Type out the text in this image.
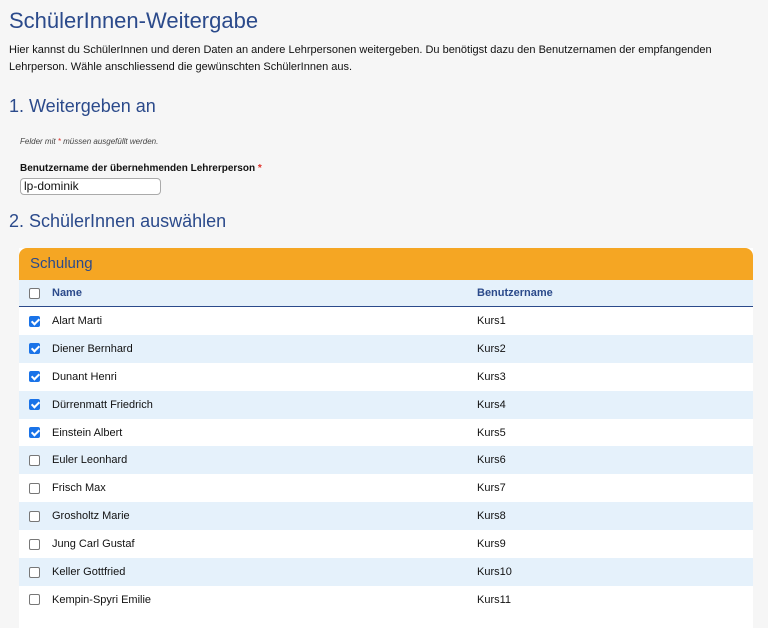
SchülerInnen-Weitergabe
Hier kannst du SchülerInnen und deren Daten an andere Lehrpersonen weitergeben. Du benötigst dazu den Benutzernamen der empfangenden Lehrperson. Wähle anschliessend die gewünschten SchülerInnen aus.
1. Weitergeben an
Felder mit * müssen ausgefüllt werden.
Benutzername der übernehmenden Lehrerperson *
lp-dominik
2. SchülerInnen auswählen
Schulung
	Name	Benutzername
	Alart Marti	Kurs1
	Diener Bernhard	Kurs2
	Dunant Henri	Kurs3
	Dürrenmatt Friedrich	Kurs4
	Einstein Albert	Kurs5
	Euler Leonhard	Kurs6
	Frisch Max	Kurs7
	Grosholtz Marie	Kurs8
	Jung Carl Gustaf	Kurs9
	Keller Gottfried	Kurs10
	Kempin-Spyri Emilie	Kurs11
